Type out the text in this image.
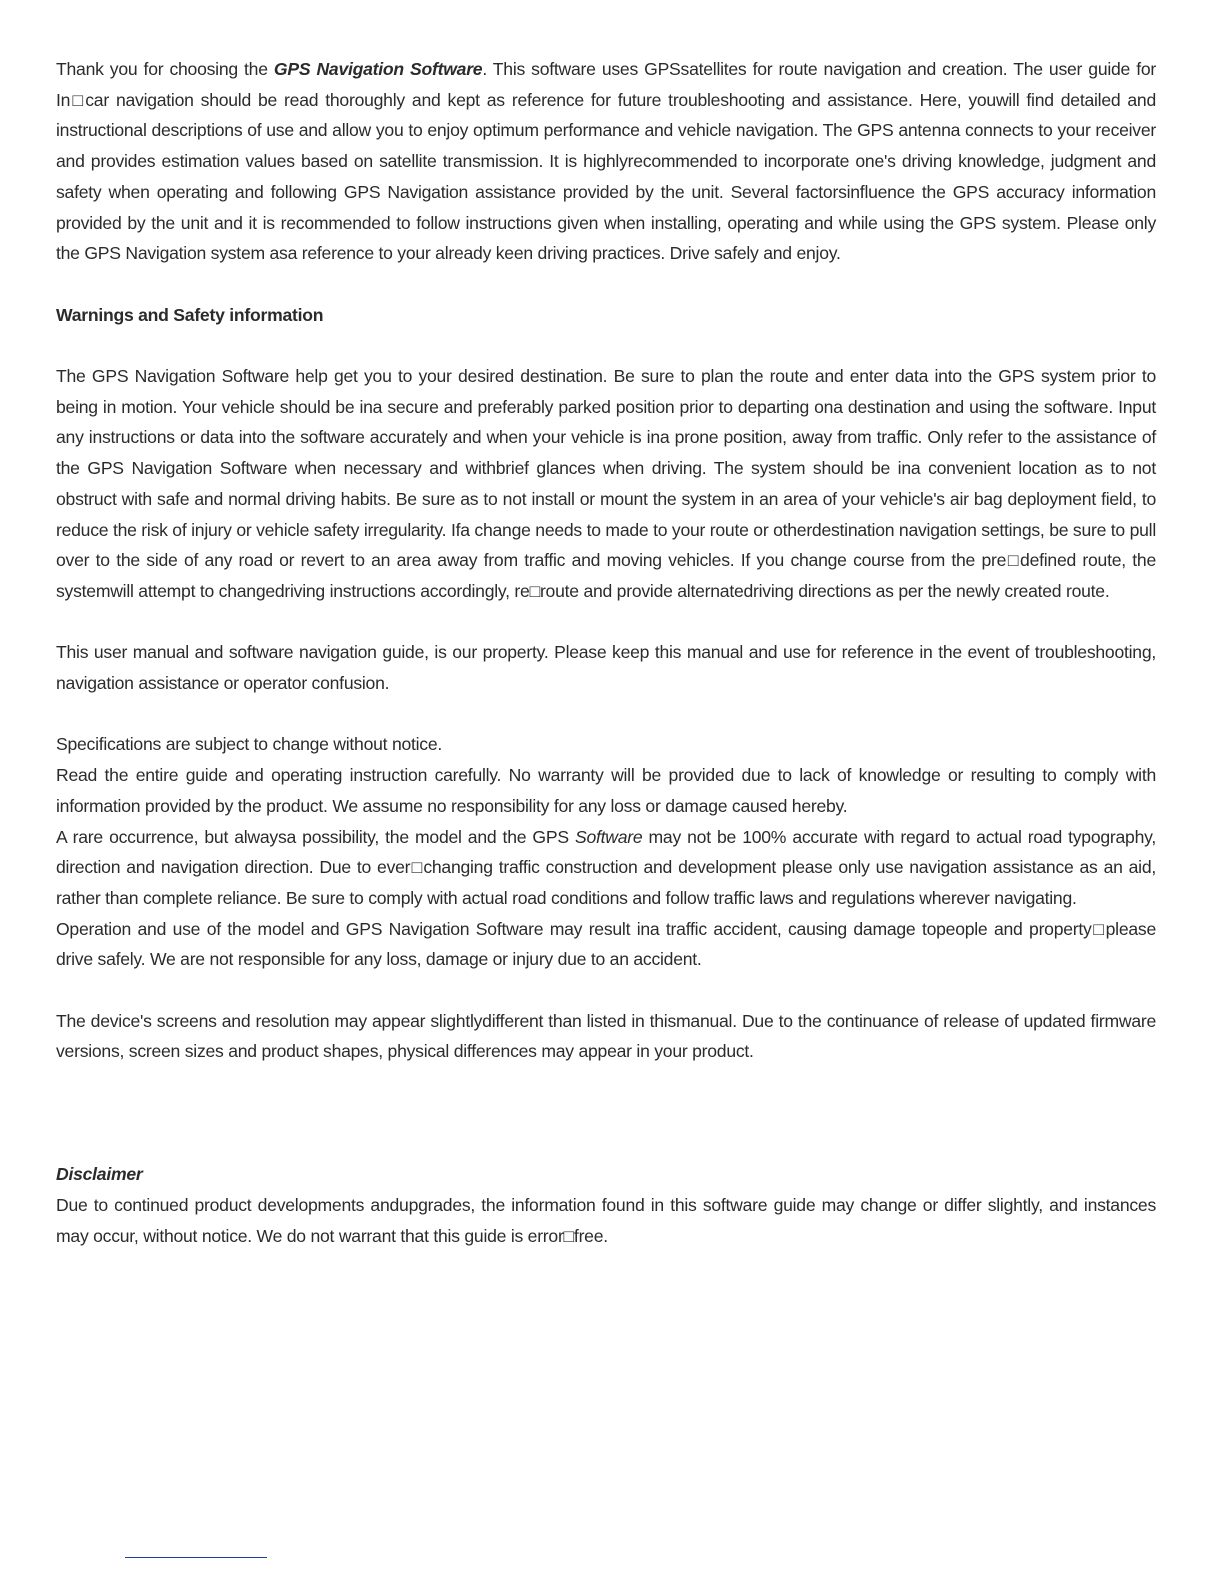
Thank you for choosing the GPS Navigation Software. This software uses GPSsatellites for route navigation and creation. The user guide for In□car navigation should be read thoroughly and kept as reference for future troubleshooting and assistance. Here, youwill find detailed and instructional descriptions of use and allow you to enjoy optimum performance and vehicle navigation. The GPS antenna connects to your receiver and provides estimation values based on satellite transmission. It is highlyrecommended to incorporate one's driving knowledge, judgment and safety when operating and following GPS Navigation assistance provided by the unit. Several factorsinfluence the GPS accuracy information provided by the unit and it is recommended to follow instructions given when installing, operating and while using the GPS system. Please only the GPS Navigation system asa reference to your already keen driving practices. Drive safely and enjoy.

Warnings and Safety information

The GPS Navigation Software help get you to your desired destination. Be sure to plan the route and enter data into the GPS system prior to being in motion. Your vehicle should be ina secure and preferably parked position prior to departing ona destination and using the software. Input any instructions or data into the software accurately and when your vehicle is ina prone position, away from traffic. Only refer to the assistance of the GPS Navigation Software when necessary and withbrief glances when driving. The system should be ina convenient location as to not obstruct with safe and normal driving habits. Be sure as to not install or mount the system in an area of your vehicle's air bag deployment field, to reduce the risk of injury or vehicle safety irregularity. Ifa change needs to made to your route or otherdestination navigation settings, be sure to pull over to the side of any road or revert to an area away from traffic and moving vehicles. If you change course from the pre□defined route, the systemwill attempt to changedriving instructions accordingly, re□route and provide alternatedriving directions as per the newly created route.

This user manual and software navigation guide, is our property. Please keep this manual and use for reference in the event of troubleshooting, navigation assistance or operator confusion.

Specifications are subject to change without notice.

Read the entire guide and operating instruction carefully. No warranty will be provided due to lack of knowledge or resulting to comply with information provided by the product. We assume no responsibility for any loss or damage caused hereby.

A rare occurrence, but alwaysa possibility, the model and the GPS Software may not be 100% accurate with regard to actual road typography, direction and navigation direction. Due to ever□changing traffic construction and development please only use navigation assistance as an aid, rather than complete reliance. Be sure to comply with actual road conditions and follow traffic laws and regulations wherever navigating.

Operation and use of the model and GPS Navigation Software may result ina traffic accident, causing damage topeople and property□please drive safely. We are not responsible for any loss, damage or injury due to an accident.

The device's screens and resolution may appear slightlydifferent than listed in thismanual. Due to the continuance of release of updated firmware versions, screen sizes and product shapes, physical differences may appear in your product.

Disclaimer

Due to continued product developments andupgrades, the information found in this software guide may change or differ slightly, and instances may occur, without notice. We do not warrant that this guide is error□free.
